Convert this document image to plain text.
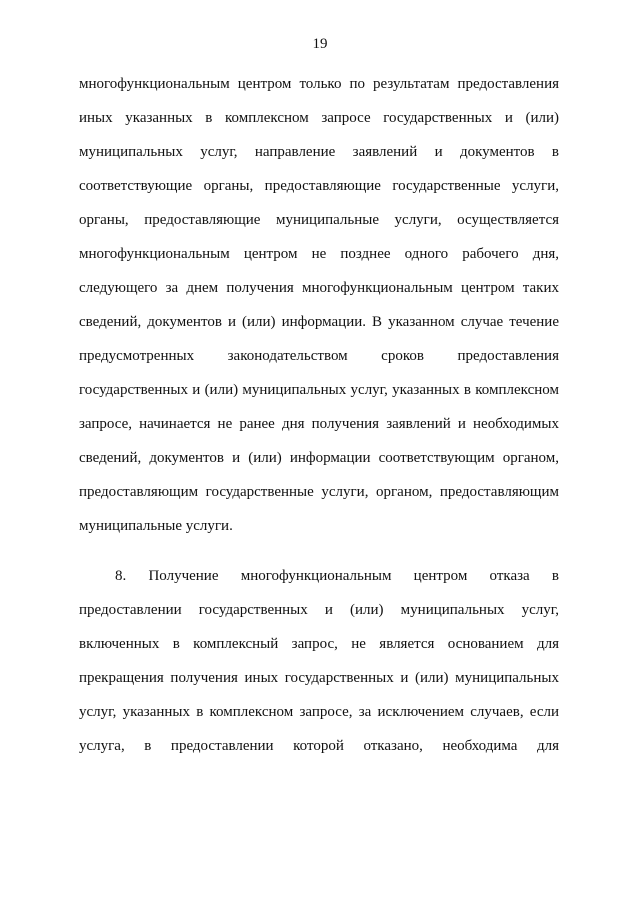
19
многофункциональным центром только по результатам предоставления
иных указанных в комплексном запросе государственных и (или)
муниципальных услуг, направление заявлений и документов в
соответствующие органы, предоставляющие государственные услуги,
органы, предоставляющие муниципальные услуги, осуществляется
многофункциональным центром не позднее одного рабочего дня,
следующего за днем получения многофункциональным центром таких
сведений, документов и (или) информации. В указанном случае течение
предусмотренных законодательством сроков предоставления
государственных и (или) муниципальных услуг, указанных в комплексном
запросе, начинается не ранее дня получения заявлений и необходимых
сведений, документов и (или) информации соответствующим органом,
предоставляющим государственные услуги, органом, предоставляющим
муниципальные услуги.
8. Получение многофункциональным центром отказа в
предоставлении государственных и (или) муниципальных услуг,
включенных в комплексный запрос, не является основанием для
прекращения получения иных государственных и (или) муниципальных
услуг, указанных в комплексном запросе, за исключением случаев, если
услуга, в предоставлении которой отказано, необходима для
